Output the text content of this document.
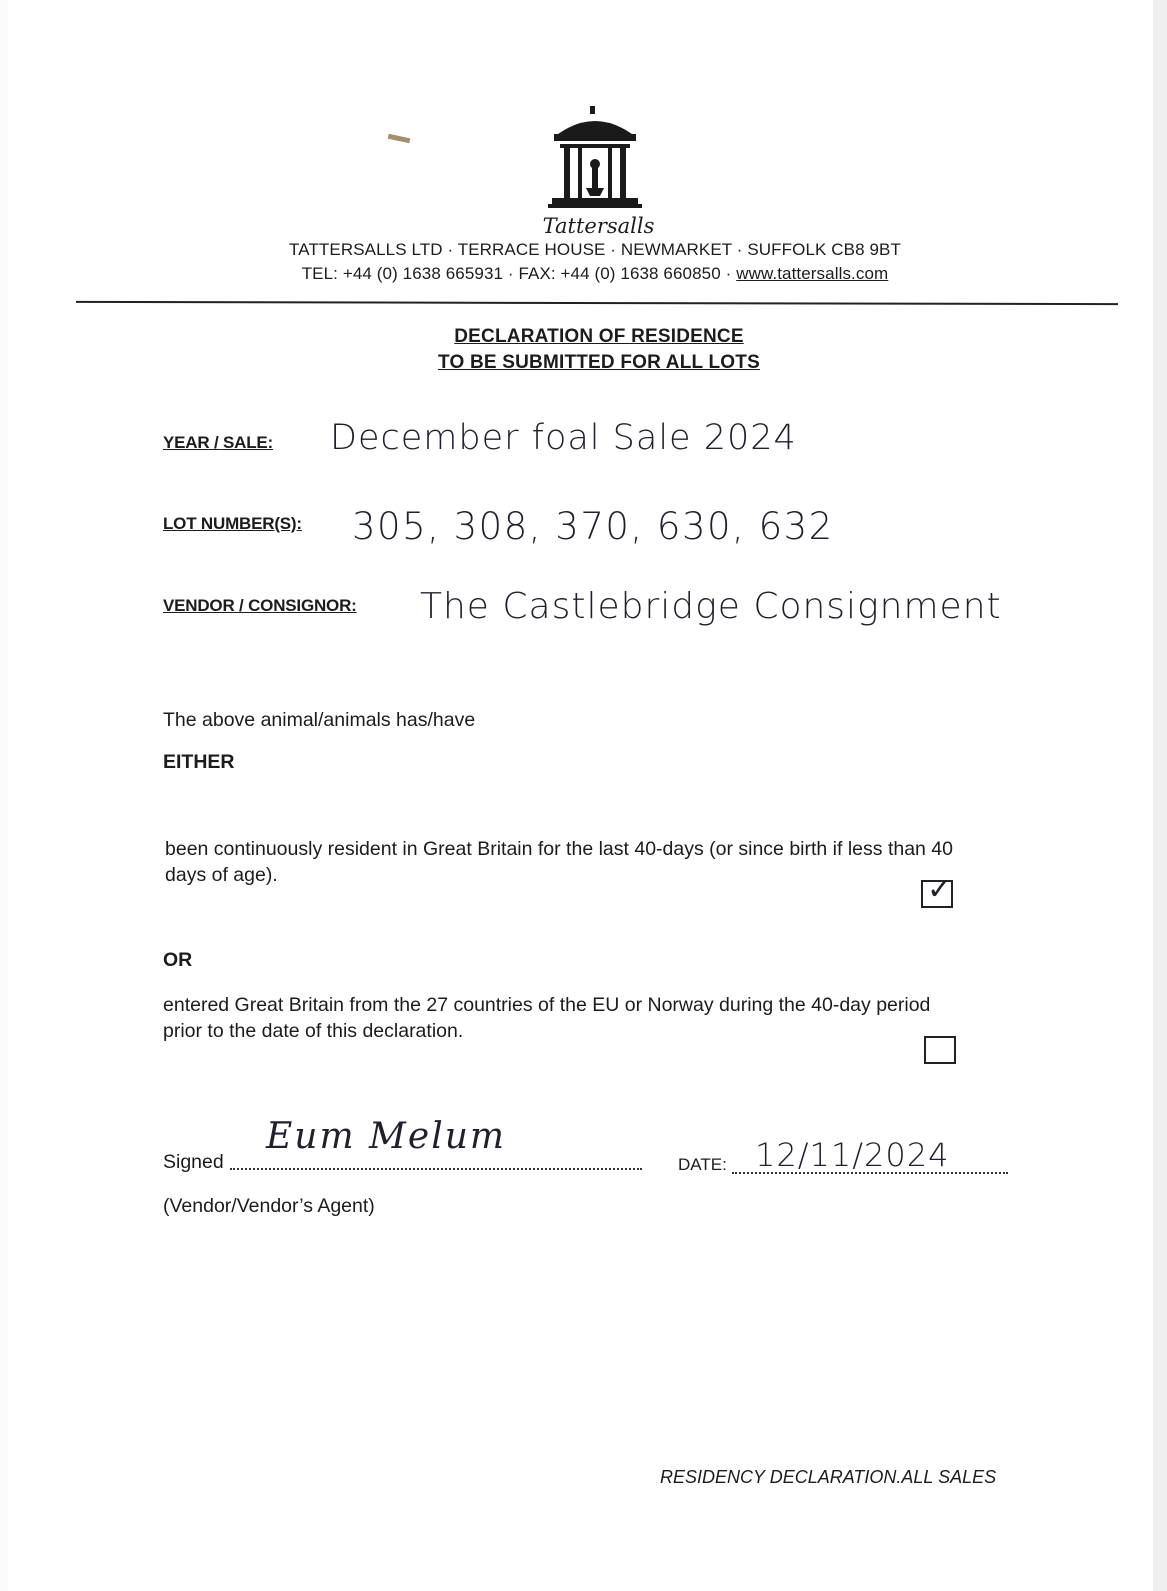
Tattersalls
TATTERSALLS LTD · TERRACE HOUSE · NEWMARKET · SUFFOLK CB8 9BT
TEL: +44 (0) 1638 665931 · FAX: +44 (0) 1638 660850 · www.tattersalls.com
DECLARATION OF RESIDENCE
TO BE SUBMITTED FOR ALL LOTS
YEAR / SALE: December foal Sale 2024
LOT NUMBER(S): 305, 308, 370, 630, 632
VENDOR / CONSIGNOR: The Castlebridge Consignment
The above animal/animals has/have
EITHER
been continuously resident in Great Britain for the last 40-days (or since birth if less than 40
days of age).	✓
OR
entered Great Britain from the 27 countries of the EU or Norway during the 40-day period
prior to the date of this declaration.
Signed
Eum Melum
DATE: 12/11/2024
(Vendor/Vendor’s Agent)
RESIDENCY DECLARATION.ALL SALES
